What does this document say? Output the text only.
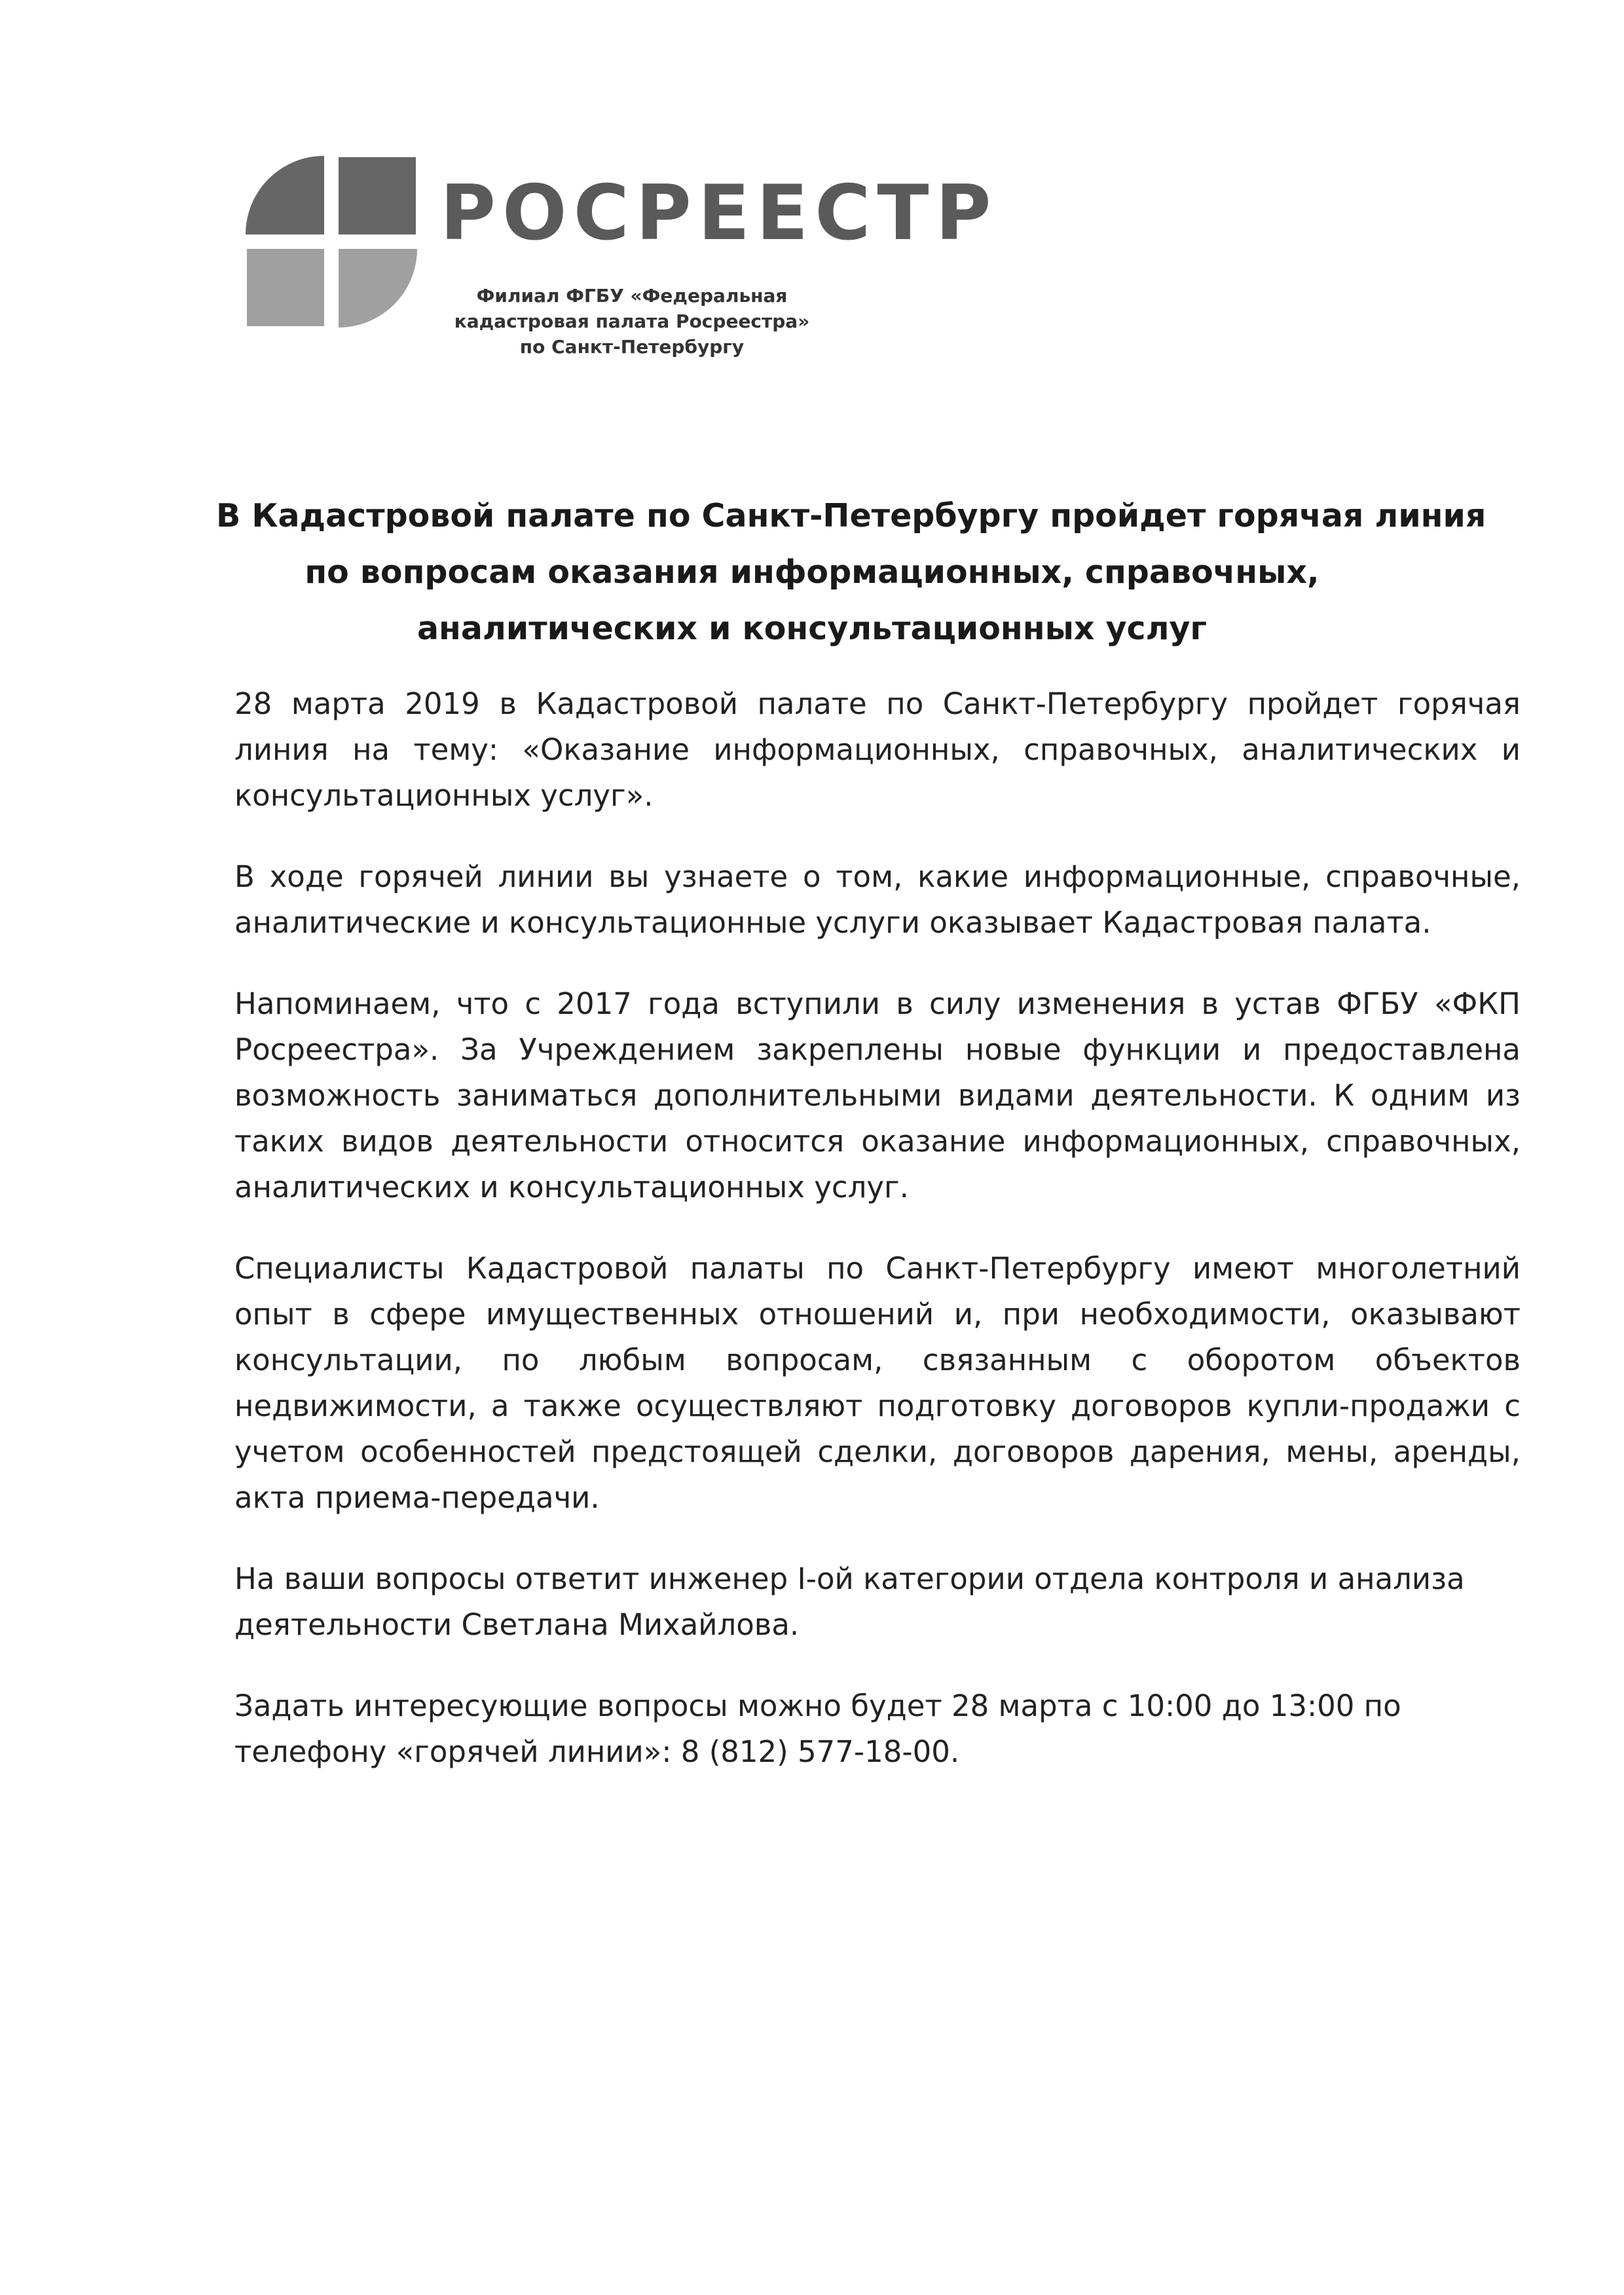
РОСРЕЕСТР
Филиал ФГБУ «Федеральная
кадастровая палата Росреестра»
по Санкт-Петербургу
В Кадастровой палате по Санкт-Петербургу пройдет горячая линия
по вопросам оказания информационных, справочных,
аналитических и консультационных услуг

28 марта 2019 в Кадастровой палате по Санкт-Петербургу пройдет горячая линия на тему: «Оказание информационных, справочных, аналитических и консультационных услуг».

В ходе горячей линии вы узнаете о том, какие информационные, справочные, аналитические и консультационные услуги оказывает Кадастровая палата.

Напоминаем, что с 2017 года вступили в силу изменения в устав ФГБУ «ФКП Росреестра». За Учреждением закреплены новые функции и предоставлена возможность заниматься дополнительными видами деятельности. К одним из таких видов деятельности относится оказание информационных, справочных, аналитических и консультационных услуг.

Специалисты Кадастровой палаты по Санкт-Петербургу имеют многолетний опыт в сфере имущественных отношений и, при необходимости, оказывают консультации, по любым вопросам, связанным с оборотом объектов недвижимости, а также осуществляют подготовку договоров купли-продажи с учетом особенностей предстоящей сделки, договоров дарения, мены, аренды, акта приема-передачи.

На ваши вопросы ответит инженер I-ой категории отдела контроля и анализа деятельности Светлана Михайлова.

Задать интересующие вопросы можно будет 28 марта с 10:00 до 13:00 по телефону «горячей линии»: 8 (812) 577-18-00.
